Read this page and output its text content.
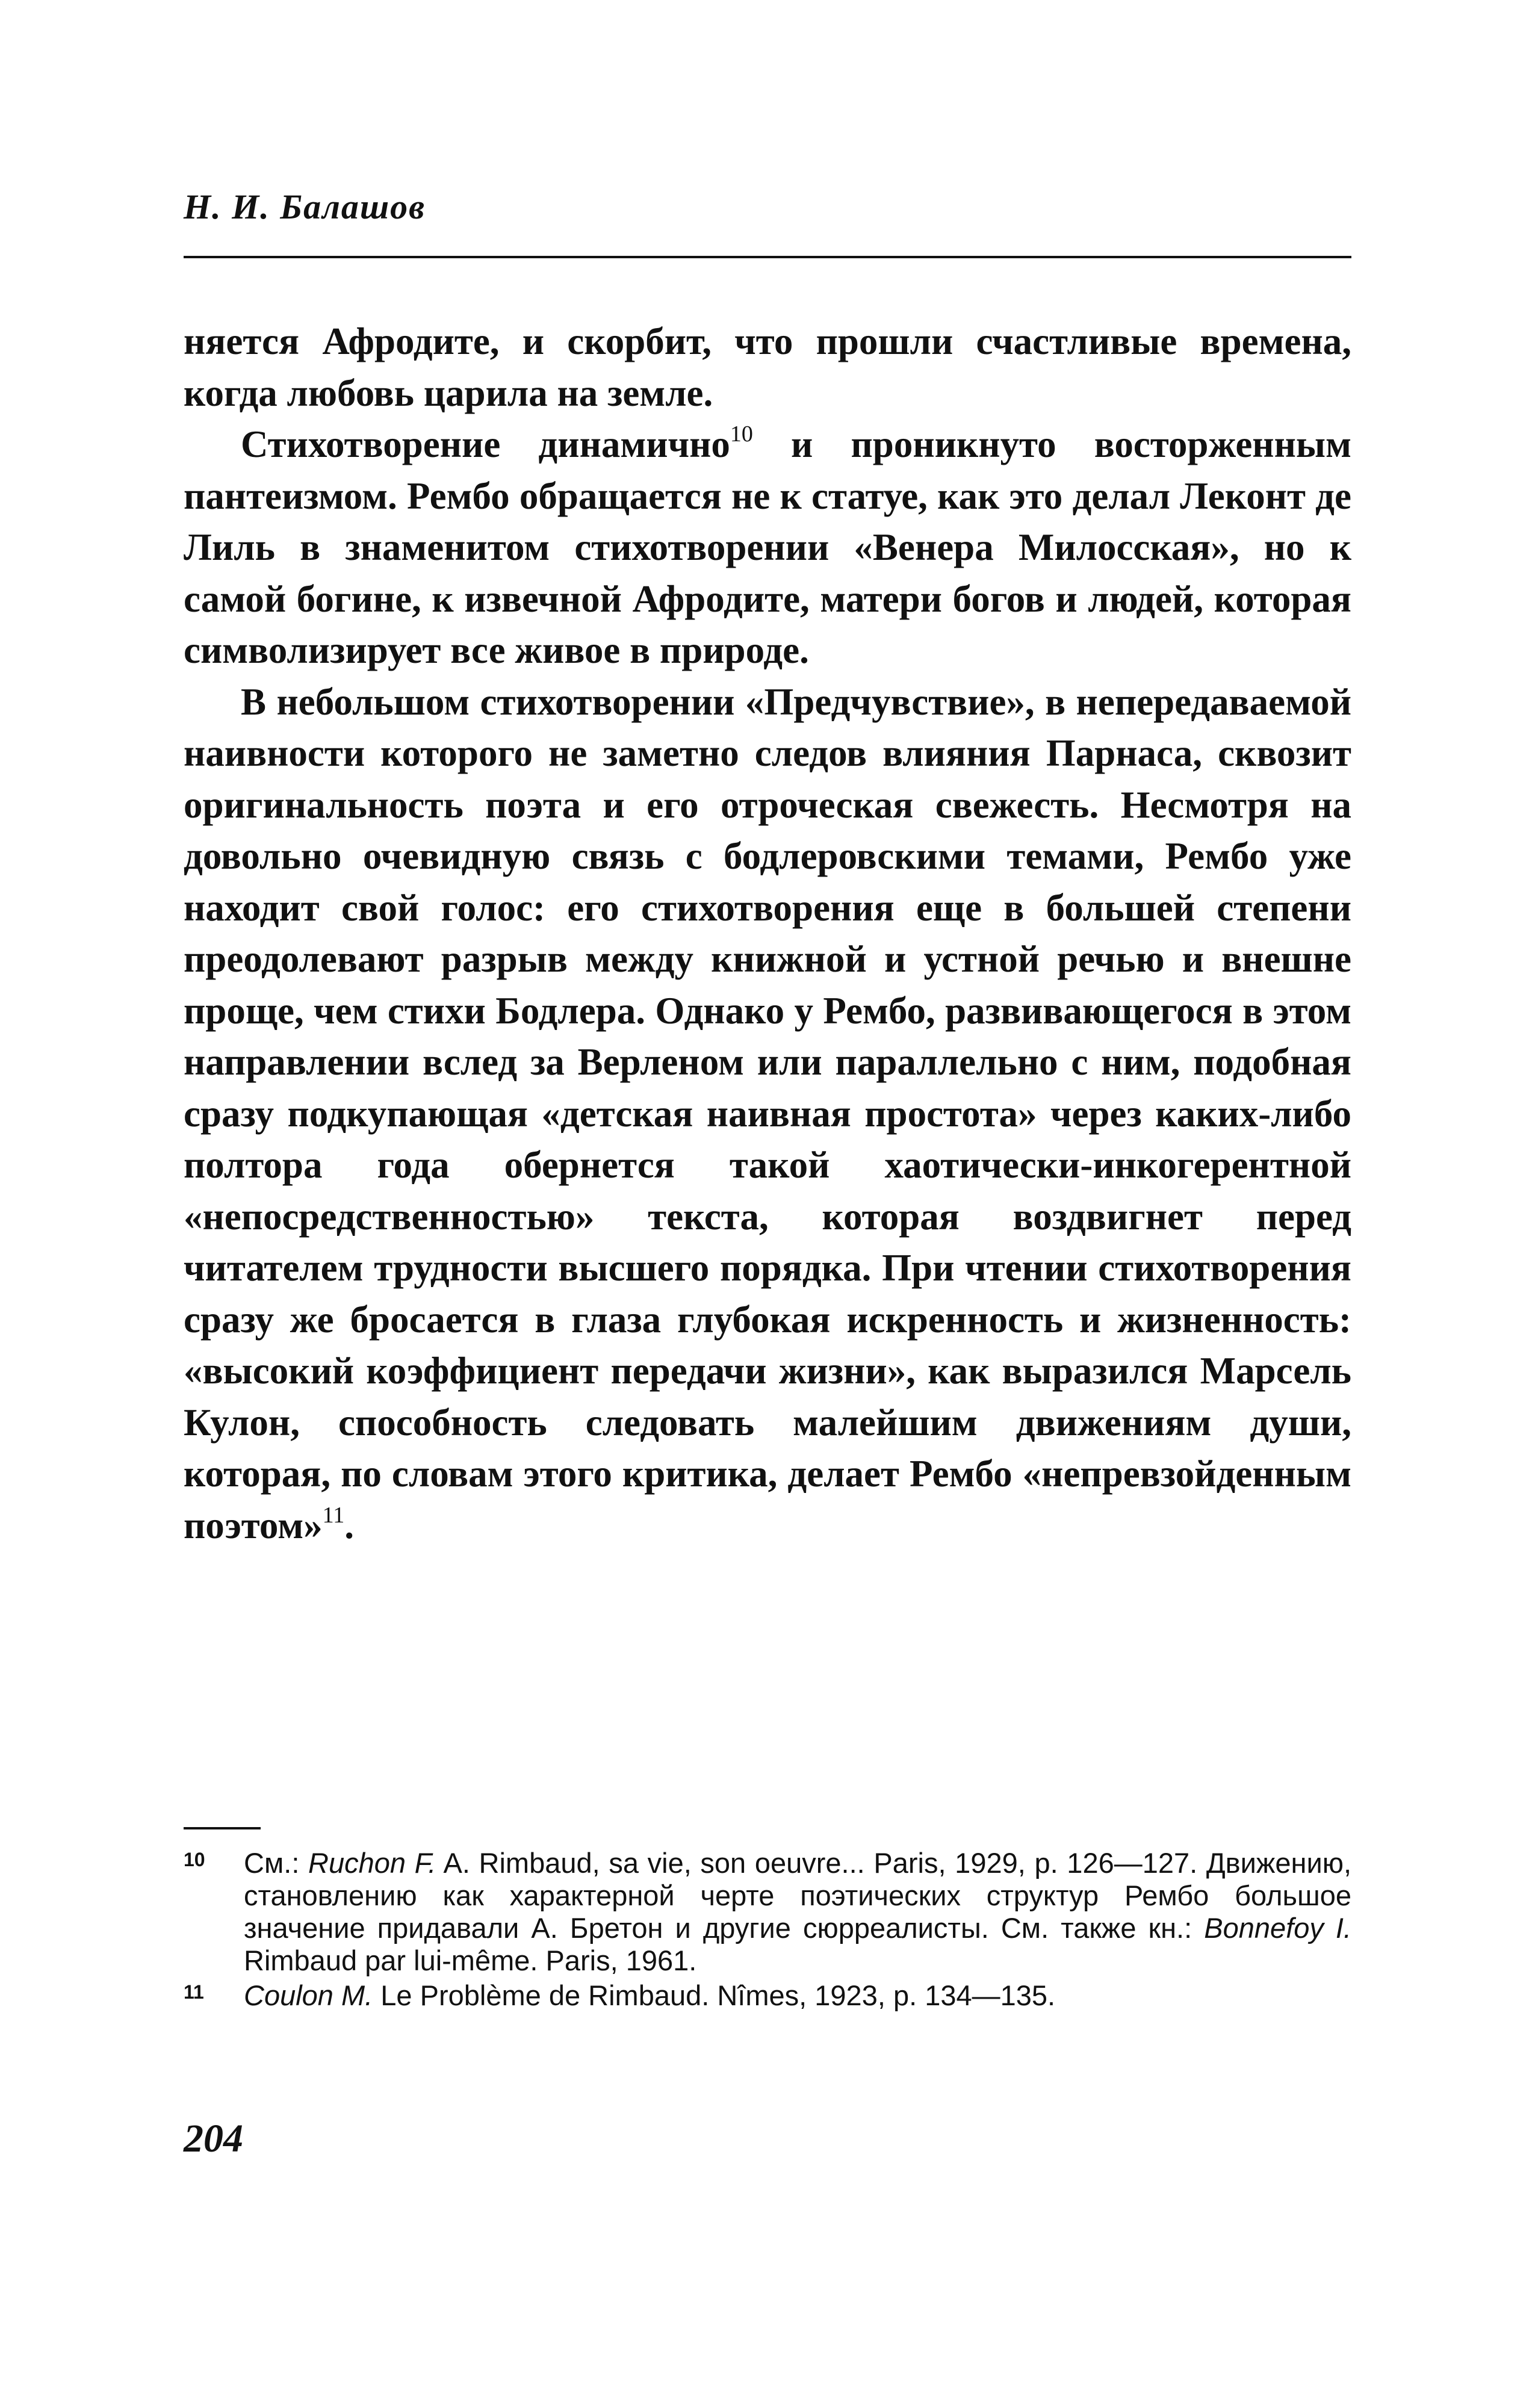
Н. И. Балашов

няется Афродите, и скорбит, что прошли счастливые времена, когда любовь царила на земле.

Стихотворение динамично$^{10}$ и проникнуто восторженным пантеизмом. Рембо обращается не к статуе, как это делал Леконт де Лиль в знаменитом стихотворении «Венера Милосская», но к самой богине, к извечной Афродите, матери богов и людей, которая символизирует все живое в природе.

В небольшом стихотворении «Предчувствие», в непередаваемой наивности которого не заметно следов влияния Парнаса, сквозит оригинальность поэта и его отроческая свежесть. Несмотря на довольно очевидную связь с бодлеровскими темами, Рембо уже находит свой голос: его стихотворения еще в большей степени преодолевают разрыв между книжной и устной речью и внешне проще, чем стихи Бодлера. Однако у Рембо, развивающегося в этом направлении вслед за Верленом или параллельно с ним, подобная сразу подкупающая «детская наивная простота» через каких-либо полтора года обернется такой хаотически-инкогерентной «непосредственностью» текста, которая воздвигнет перед читателем трудности высшего порядка. При чтении стихотворения сразу же бросается в глаза глубокая искренность и жизненность: «высокий коэффициент передачи жизни», как выразился Марсель Кулон, способность следовать малейшим движениям души, которая, по словам этого критика, делает Рембо «непревзойденным поэтом»$^{11}$.

10 См.: Ruchon F. A. Rimbaud, sa vie, son oeuvre... Paris, 1929, p. 126—127. Движению, становлению как характерной черте поэтических структур Рембо большое значение придавали А. Бретон и другие сюрреалисты. См. также кн.: Bonnefoy I. Rimbaud par lui-même. Paris, 1961.
11 Coulon M. Le Problème de Rimbaud. Nîmes, 1923, p. 134—135.
204
